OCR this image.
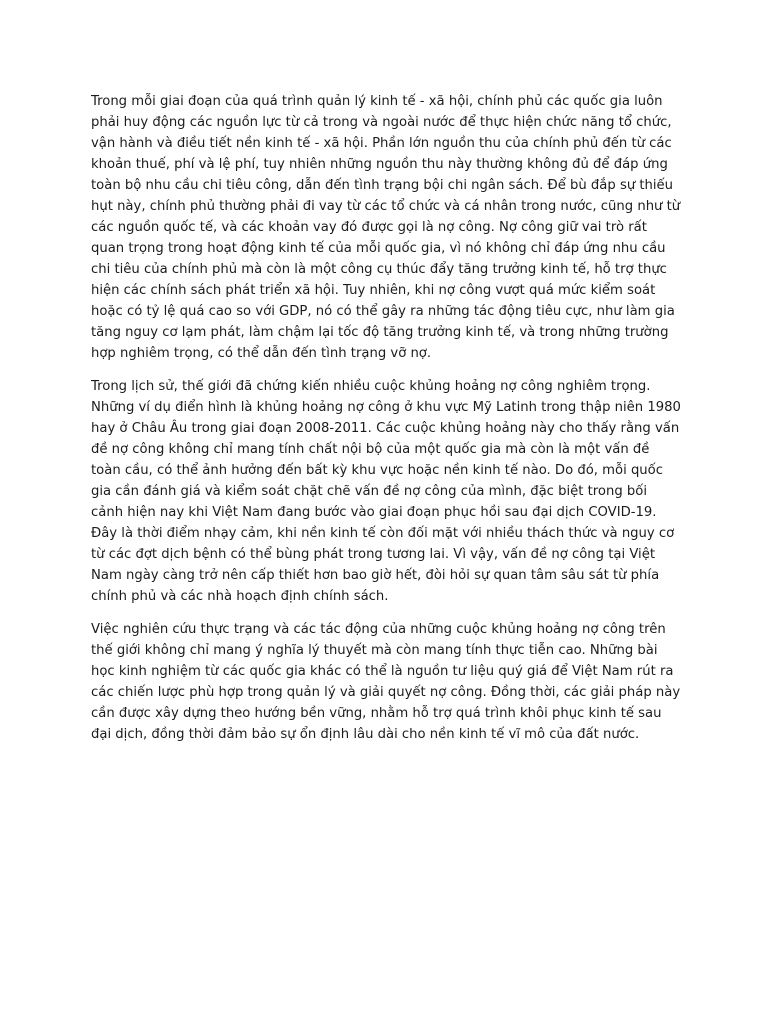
Trong mỗi giai đoạn của quá trình quản lý kinh tế - xã hội, chính phủ các quốc gia luôn phải huy động các nguồn lực từ cả trong và ngoài nước để thực hiện chức năng tổ chức, vận hành và điều tiết nền kinh tế - xã hội. Phần lớn nguồn thu của chính phủ đến từ các khoản thuế, phí và lệ phí, tuy nhiên những nguồn thu này thường không đủ để đáp ứng toàn bộ nhu cầu chi tiêu công, dẫn đến tình trạng bội chi ngân sách. Để bù đắp sự thiếu hụt này, chính phủ thường phải đi vay từ các tổ chức và cá nhân trong nước, cũng như từ các nguồn quốc tế, và các khoản vay đó được gọi là nợ công. Nợ công giữ vai trò rất quan trọng trong hoạt động kinh tế của mỗi quốc gia, vì nó không chỉ đáp ứng nhu cầu chi tiêu của chính phủ mà còn là một công cụ thúc đẩy tăng trưởng kinh tế, hỗ trợ thực hiện các chính sách phát triển xã hội. Tuy nhiên, khi nợ công vượt quá mức kiểm soát hoặc có tỷ lệ quá cao so với GDP, nó có thể gây ra những tác động tiêu cực, như làm gia tăng nguy cơ lạm phát, làm chậm lại tốc độ tăng trưởng kinh tế, và trong những trường hợp nghiêm trọng, có thể dẫn đến tình trạng vỡ nợ.

Trong lịch sử, thế giới đã chứng kiến nhiều cuộc khủng hoảng nợ công nghiêm trọng. Những ví dụ điển hình là khủng hoảng nợ công ở khu vực Mỹ Latinh trong thập niên 1980 hay ở Châu Âu trong giai đoạn 2008-2011. Các cuộc khủng hoảng này cho thấy rằng vấn đề nợ công không chỉ mang tính chất nội bộ của một quốc gia mà còn là một vấn đề toàn cầu, có thể ảnh hưởng đến bất kỳ khu vực hoặc nền kinh tế nào. Do đó, mỗi quốc gia cần đánh giá và kiểm soát chặt chẽ vấn đề nợ công của mình, đặc biệt trong bối cảnh hiện nay khi Việt Nam đang bước vào giai đoạn phục hồi sau đại dịch COVID-19. Đây là thời điểm nhạy cảm, khi nền kinh tế còn đối mặt với nhiều thách thức và nguy cơ từ các đợt dịch bệnh có thể bùng phát trong tương lai. Vì vậy, vấn đề nợ công tại Việt Nam ngày càng trở nên cấp thiết hơn bao giờ hết, đòi hỏi sự quan tâm sâu sát từ phía chính phủ và các nhà hoạch định chính sách.

Việc nghiên cứu thực trạng và các tác động của những cuộc khủng hoảng nợ công trên thế giới không chỉ mang ý nghĩa lý thuyết mà còn mang tính thực tiễn cao. Những bài học kinh nghiệm từ các quốc gia khác có thể là nguồn tư liệu quý giá để Việt Nam rút ra các chiến lược phù hợp trong quản lý và giải quyết nợ công. Đồng thời, các giải pháp này cần được xây dựng theo hướng bền vững, nhằm hỗ trợ quá trình khôi phục kinh tế sau đại dịch, đồng thời đảm bảo sự ổn định lâu dài cho nền kinh tế vĩ mô của đất nước.
